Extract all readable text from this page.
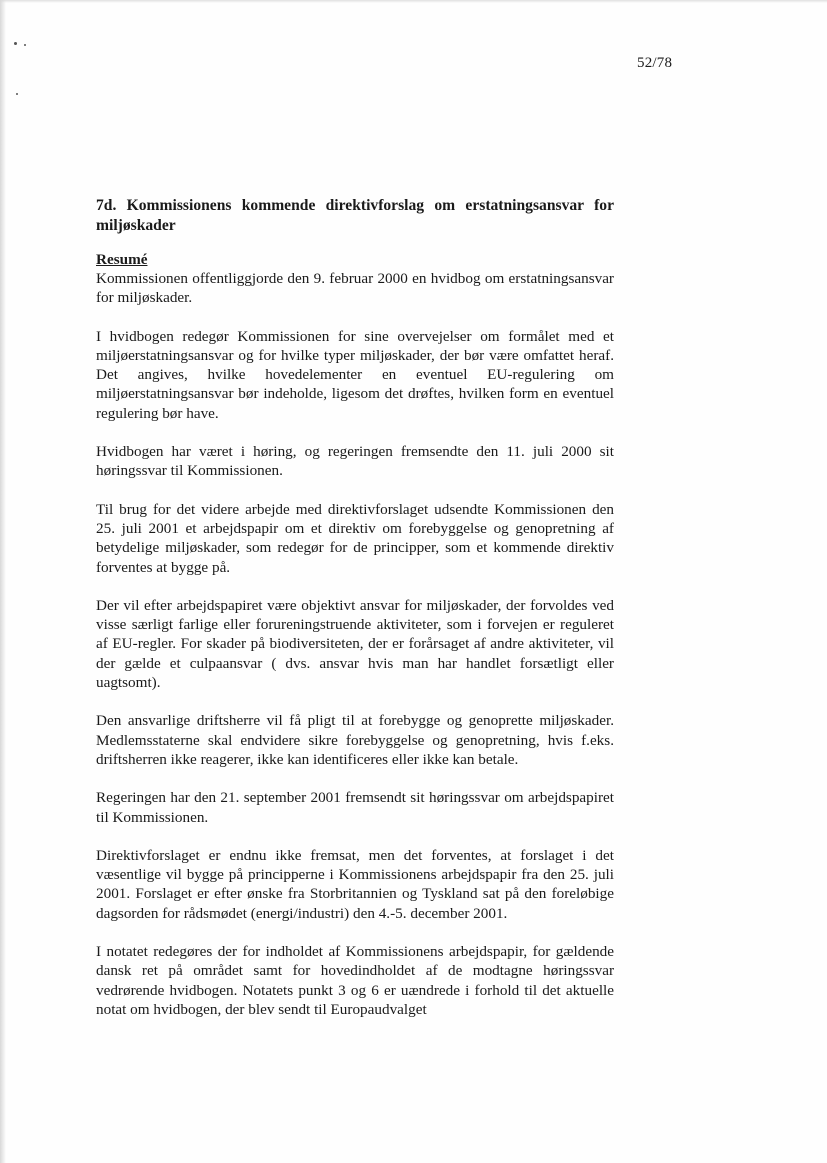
52/78

7d. Kommissionens kommende direktivforslag om erstatningsansvar for miljøskader

Resumé

Kommissionen offentliggjorde den 9. februar 2000 en hvidbog om erstatningsansvar for miljøskader.

I hvidbogen redegør Kommissionen for sine overvejelser om formålet med et miljøerstatningsansvar og for hvilke typer miljøskader, der bør være omfattet heraf. Det angives, hvilke hovedelementer en eventuel EU-regulering om miljøerstatningsansvar bør indeholde, ligesom det drøftes, hvilken form en eventuel regulering bør have.

Hvidbogen har været i høring, og regeringen fremsendte den 11. juli 2000 sit høringssvar til Kommissionen.

Til brug for det videre arbejde med direktivforslaget udsendte Kommissionen den 25. juli 2001 et arbejdspapir om et direktiv om forebyggelse og genopretning af betydelige miljøskader, som redegør for de principper, som et kommende direktiv forventes at bygge på.

Der vil efter arbejdspapiret være objektivt ansvar for miljøskader, der forvoldes ved visse særligt farlige eller forureningstruende aktiviteter, som i forvejen er reguleret af EU-regler. For skader på biodiversiteten, der er forårsaget af andre aktiviteter, vil der gælde et culpaansvar ( dvs. ansvar hvis man har handlet forsætligt eller uagtsomt).

Den ansvarlige driftsherre vil få pligt til at forebygge og genoprette miljøskader. Medlemsstaterne skal endvidere sikre forebyggelse og genopretning, hvis f.eks. driftsherren ikke reagerer, ikke kan identificeres eller ikke kan betale.

Regeringen har den 21. september 2001 fremsendt sit høringssvar om arbejdspapiret til Kommissionen.

Direktivforslaget er endnu ikke fremsat, men det forventes, at forslaget i det væsentlige vil bygge på principperne i Kommissionens arbejdspapir fra den 25. juli 2001. Forslaget er efter ønske fra Storbritannien og Tyskland sat på den foreløbige dagsorden for rådsmødet (energi/industri) den 4.-5. december 2001.

I notatet redegøres der for indholdet af Kommissionens arbejdspapir, for gældende dansk ret på området samt for hovedindholdet af de modtagne høringssvar vedrørende hvidbogen. Notatets punkt 3 og 6 er uændrede i forhold til det aktuelle notat om hvidbogen, der blev sendt til Europaudvalget
